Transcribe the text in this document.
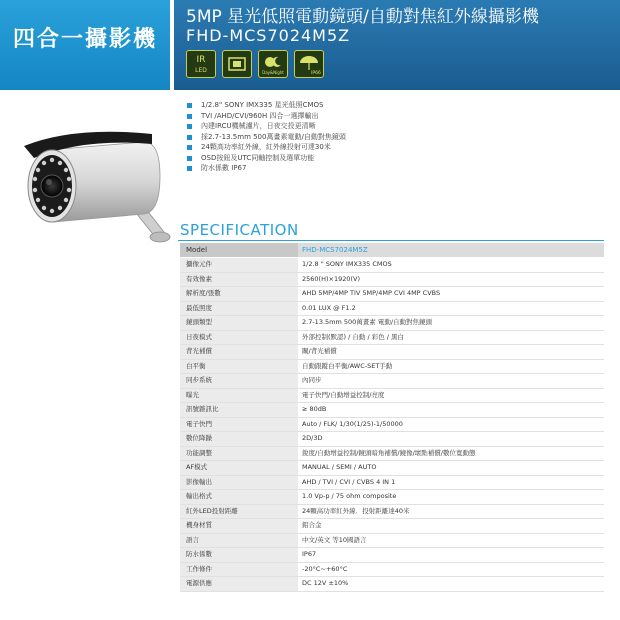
四合一攝影機
5MP 星光低照電動鏡頭/自動對焦紅外線攝影機
FHD-MCS7024M5Z
IR
LED	Day&Night	IP66
1/2.8" SONY IMX335 星光低照CMOS
TVI /AHD/CVI/960H 四合一選擇輸出
內建IRCU機械濾片，日夜交投更清晰
採2.7-13.5mm 500萬畫素電動/自動對焦鏡頭
24顆高功率紅外線，紅外線投射可達30米
OSD按鈕及UTC同軸控制及選單功能
防水係數 IP67
SPECIFICATION
Model	FHD-MCS7024M5Z
攝像元件	1/2.8 " SONY IMX335 CMOS
有效像素	2560(H)×1920(V)
解析度/張數	AHD 5MP/4MP TIV 5MP/4MP CVI 4MP CVBS
最低照度	0.01 LUX @ F1.2
鏡頭類型	2.7-13.5mm 500萬畫素 電動/自動對焦鏡頭
日夜模式	外部控制(默認) / 自動 / 彩色 / 黑白
背光補償	關/背光補償
白平衡	自動跟蹤白平衡/AWC-SET手動
同步系統	內同步
曝光	電子快門/自動增益控制/亮度
訊號雜訊比	≥ 80dB
電子快門	Auto / FLK/ 1/30(1/25)-1/50000
數位降躁	2D/3D
功能調整	銳度/自動增益控制/鏡頭暗角補償/鏡像/壞點補償/數位寬動態
AF模式	MANUAL / SEMI / AUTO
影像輸出	AHD / TVI / CVI / CVBS 4 IN 1
輸出格式	1.0 Vp-p / 75 ohm composite
紅外LED投射距離	24顆高功率紅外線．投射距離達40米
機身材質	鋁合金
語言	中文/英文 等10國語言
防水係數	IP67
工作條件	-20°C~+60°C
電源供應	DC 12V ±10%
